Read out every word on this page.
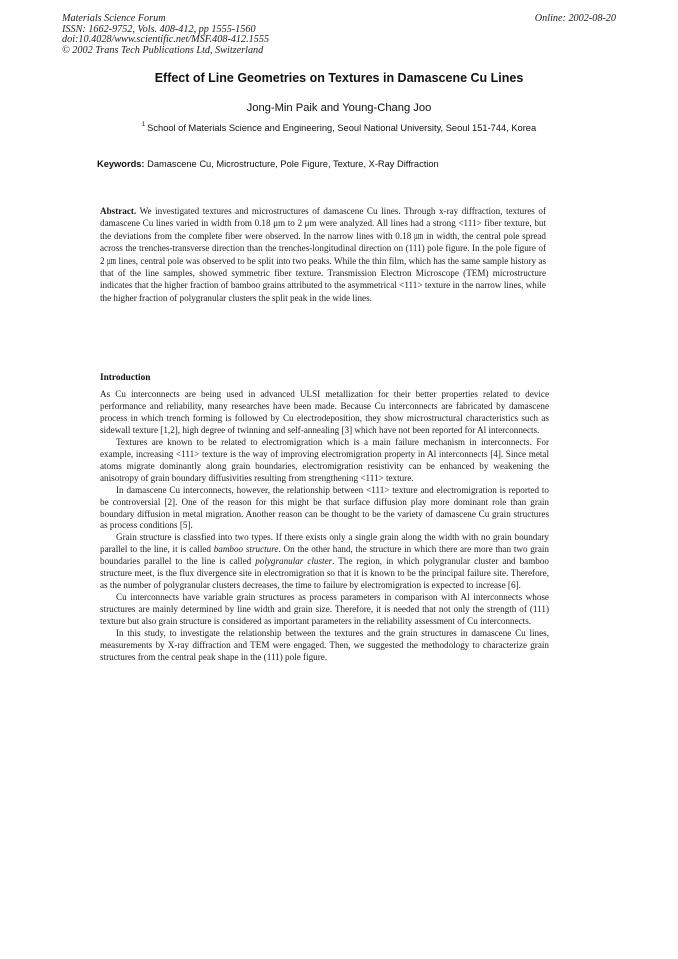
Materials Science Forum
ISSN: 1662-9752, Vols. 408-412, pp 1555-1560
doi:10.4028/www.scientific.net/MSF.408-412.1555
© 2002 Trans Tech Publications Ltd, Switzerland
Online: 2002-08-20
Effect of Line Geometries on Textures in Damascene Cu Lines
Jong-Min Paik and Young-Chang Joo
$^1$ School of Materials Science and Engineering, Seoul National University, Seoul 151-744, Korea
Keywords: Damascene Cu, Microstructure, Pole Figure, Texture, X-Ray Diffraction
Abstract. We investigated textures and microstructures of damascene Cu lines. Through x-ray diffraction, textures of damascene Cu lines varied in width from 0.18 μm to 2 μm were analyzed. All lines had a strong <111> fiber texture, but the deviations from the complete fiber were observed. In the narrow lines with 0.18 ㎛ in width, the central pole spread across the trenches-transverse direction than the trenches-longitudinal direction on (111) pole figure. In the pole figure of 2 ㎛ lines, central pole was observed to be split into two peaks. While the thin film, which has the same sample history as that of the line samples, showed symmetric fiber texture. Transmission Electron Microscope (TEM) microstructure indicates that the higher fraction of bamboo grains attributed to the asymmetrical <111> texture in the narrow lines, while the higher fraction of polygranular clusters the split peak in the wide lines.
Introduction

As Cu interconnects are being used in advanced ULSI metallization for their better properties related to device performance and reliability, many researches have been made. Because Cu interconnects are fabricated by damascene process in which trench forming is followed by Cu electrodeposition, they show microstructural characteristics such as sidewall texture [1,2], high degree of twinning and self-annealing [3] which have not been reported for Al interconnects.

Textures are known to be related to electromigration which is a main failure mechanism in interconnects. For example, increasing <111> texture is the way of improving electromigration property in Al interconnects [4]. Since metal atoms migrate dominantly along grain boundaries, electromigration resistivity can be enhanced by weakening the anisotropy of grain boundary diffusivities resulting from strengthening <111> texture.

In damascene Cu interconnects, however, the relationship between <111> texture and electromigration is reported to be controversial [2]. One of the reason for this might be that surface diffusion play more dominant role than grain boundary diffusion in metal migration. Another reason can be thought to be the variety of damascene Cu grain structures as process conditions [5].

Grain structure is classfied into two types. If there exists only a single grain along the width with no grain boundary parallel to the line, it is called bamboo structure. On the other hand, the structure in which there are more than two grain boundaries parallel to the line is called polygranular cluster. The region, in which polygranular cluster and bamboo structure meet, is the flux divergence site in electromigration so that it is known to be the principal failure site. Therefore, as the number of polygranular clusters decreases, the time to failure by electromigration is expected to increase [6].

Cu interconnects have variable grain structures as process parameters in comparison with Al interconnects whose structures are mainly determined by line width and grain size. Therefore, it is needed that not only the strength of (111) texture but also grain structure is considered as important parameters in the reliability assessment of Cu interconnects.

In this study, to investigate the relationship between the textures and the grain structures in damascene Cu lines, measurements by X-ray diffraction and TEM were engaged. Then, we suggested the methodology to characterize grain structures from the central peak shape in the (111) pole figure.
